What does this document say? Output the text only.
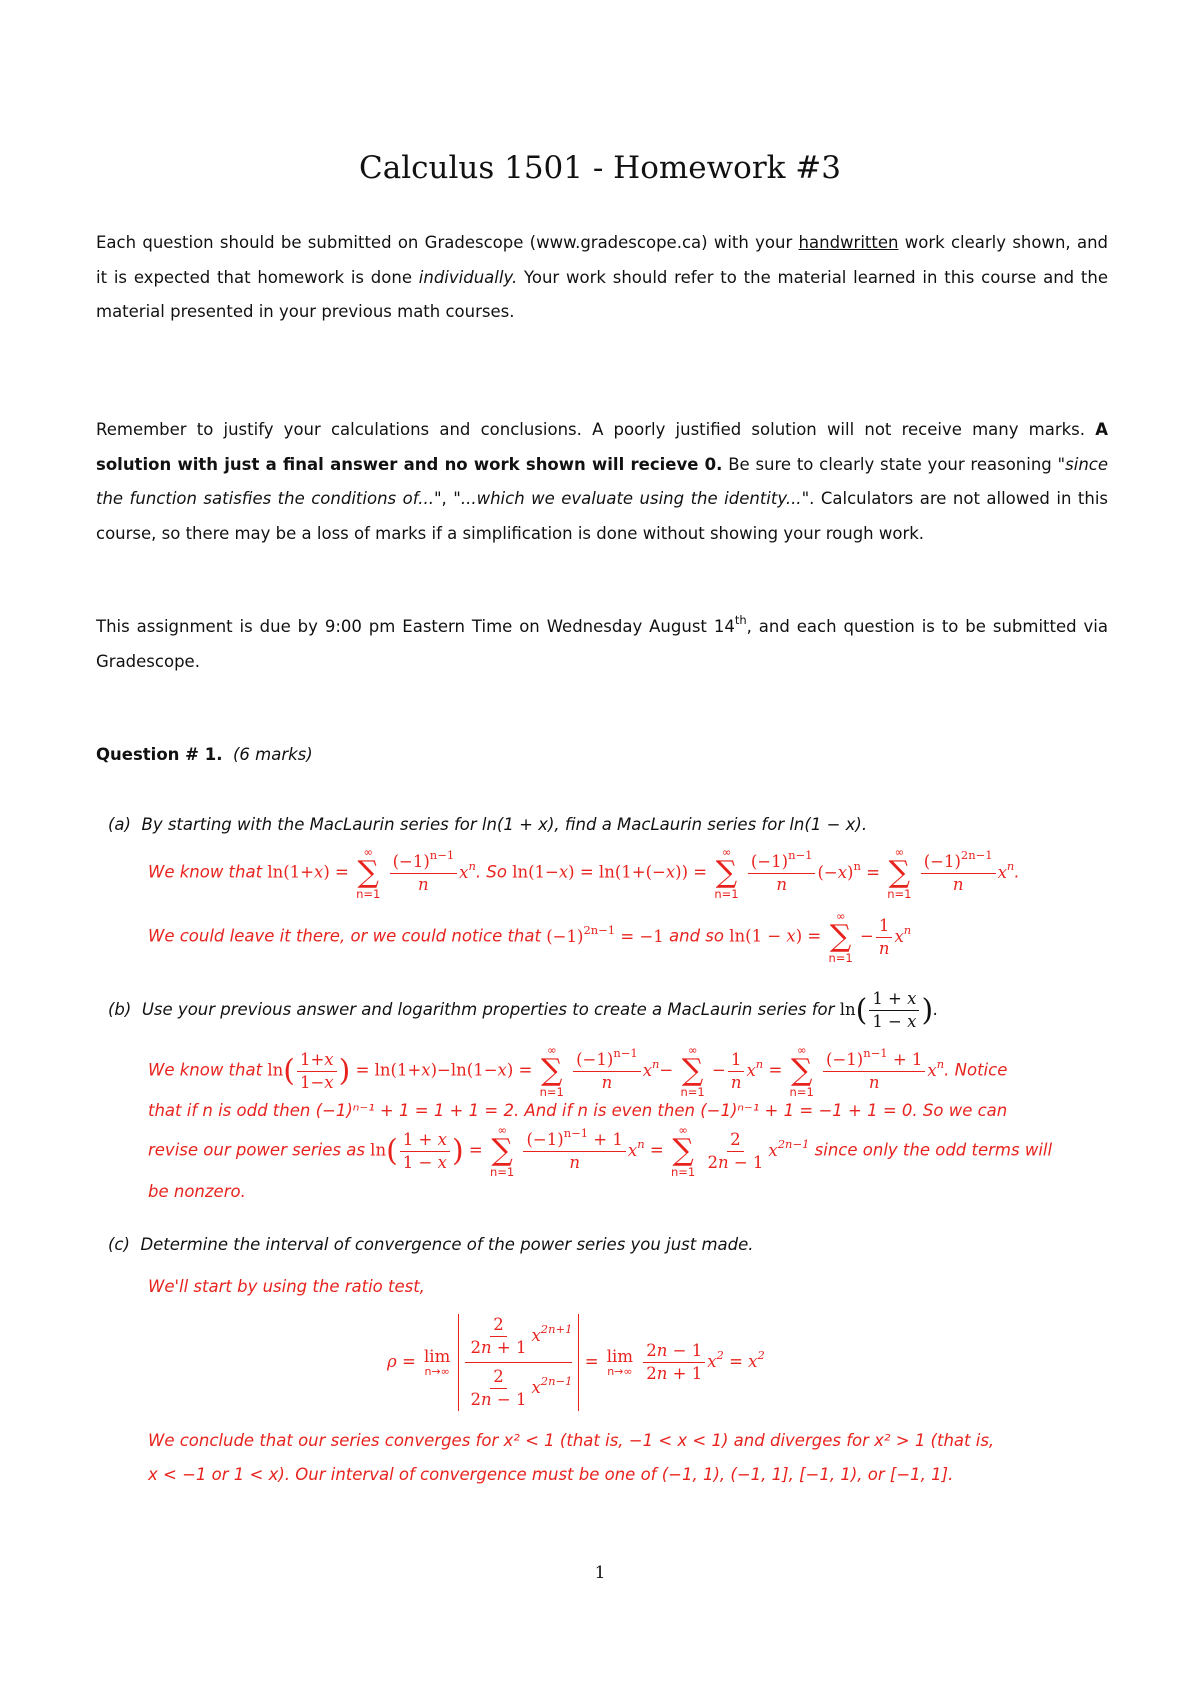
Calculus 1501 - Homework #3
Each question should be submitted on Gradescope (www.gradescope.ca) with your handwritten work clearly shown, and it is expected that homework is done individually. Your work should refer to the material learned in this course and the material presented in your previous math courses.
Remember to justify your calculations and conclusions. A poorly justified solution will not receive many marks. A solution with just a final answer and no work shown will recieve 0. Be sure to clearly state your reasoning "since the function satisfies the conditions of...", "...which we evaluate using the identity...". Calculators are not allowed in this course, so there may be a loss of marks if a simplification is done without showing your rough work.
This assignment is due by 9:00 pm Eastern Time on Wednesday August 14th, and each question is to be submitted via Gradescope.
Question # 1. (6 marks)
(a) By starting with the MacLaurin series for ln(1 + x), find a MacLaurin series for ln(1 − x).
We know that ln(1+x) =
∞
∑
n=1
$\frac{(-1)^{n-1}}{n} x^n$. So ln(1−x) = ln(1+(−x)) =
∞
∑
n=1
$\frac{(-1)^{n-1}}{n} (-x)^n$ =
∞
∑
n=1
$\frac{(-1)^{2n-1}}{n} x^n$.
We could leave it there, or we could notice that $(-1)^{2n-1} = -1$ and so ln(1 − x) =
∞
∑
n=1
− $\frac{1}{n} x^n$
(b) Use your previous answer and logarithm properties to create a MacLaurin series for $\ln( \frac{1 + x}{1 - x}$ ).
We know that $\ln( \frac{1+x}{1-x}$ ) = ln(1+x)−ln(1−x) =
∞
∑
n=1
$\frac{(-1)^{n-1}}{n} x^n-$
∞
∑
n=1
− $\frac{1}{n} x^n$ =
∞
∑
n=1
$\frac{(-1)^{n-1} + 1}{n} x^n$. Notice
that if n is odd then (−1)ⁿ⁻¹ + 1 = 1 + 1 = 2. And if n is even then (−1)ⁿ⁻¹ + 1 = −1 + 1 = 0. So we can
revise our power series as $\ln( \frac{1 + x}{1 - x}$ ) =
∞
∑
n=1
$\frac{(-1)^{n-1} + 1}{n} x^n$ =
∞
∑
n=1
$\frac{2}{2n - 1} x^{2n-1}$ since only the odd terms will
be nonzero.
(c) Determine the interval of convergence of the power series you just made.
We'll start by using the ratio test,
ρ = lim
n→∞
$\frac{\frac{2}{2n + 1} x^{2n+1}}{\frac{2}{2n - 1} x^{2n-1}} = \lim$
n→∞
$\frac{2n - 1}{2n + 1} x^2 = x^2$
We conclude that our series converges for x² < 1 (that is, −1 < x < 1) and diverges for x² > 1 (that is,
x < −1 or 1 < x). Our interval of convergence must be one of (−1, 1), (−1, 1], [−1, 1), or [−1, 1].
1
